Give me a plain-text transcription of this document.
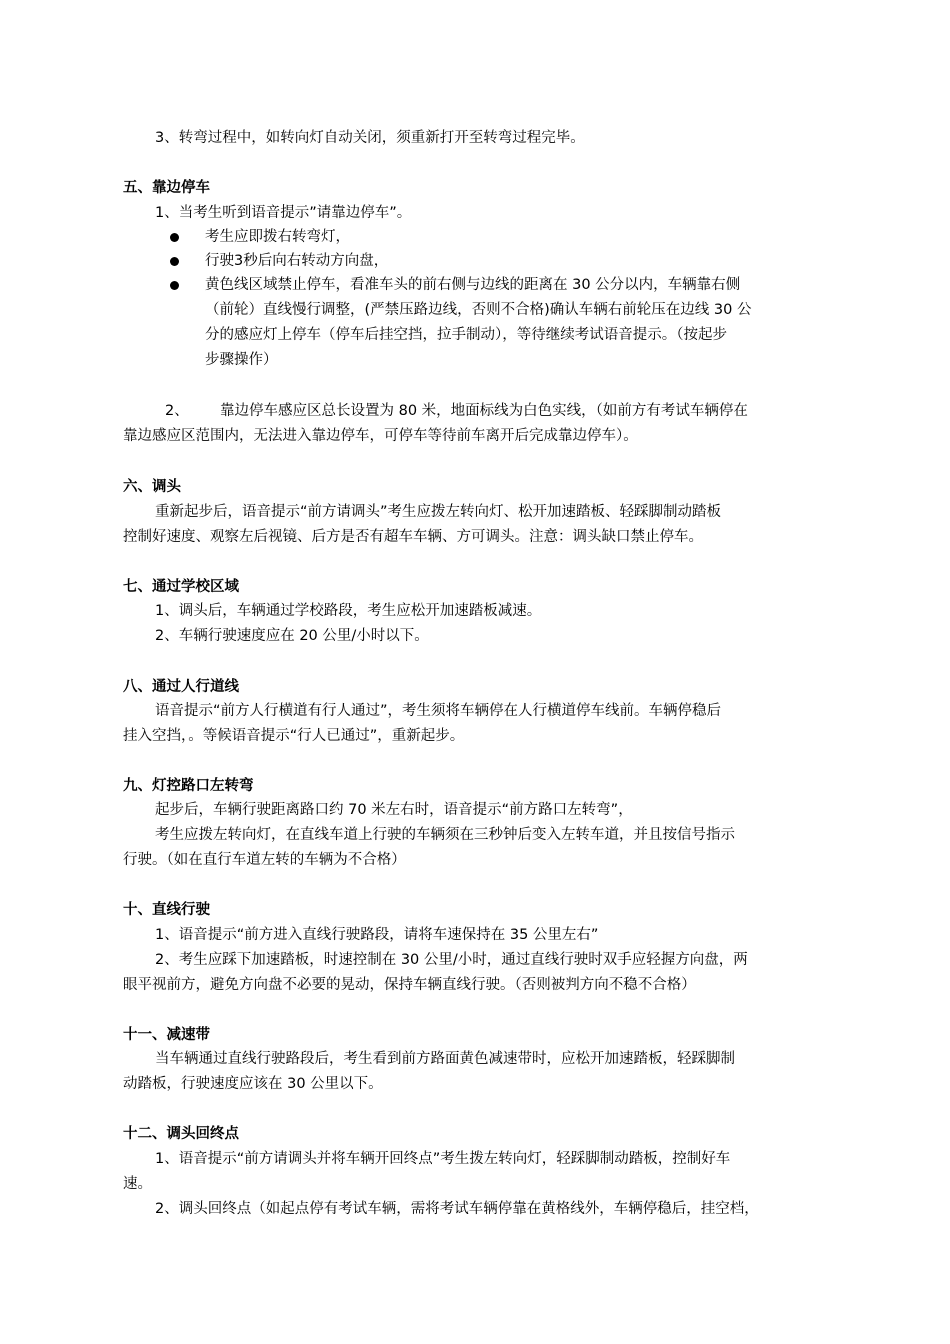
3、转弯过程中，如转向灯自动关闭，须重新打开至转弯过程完毕。
五、靠边停车
1、当考生听到语音提示”请靠边停车”。
考生应即拨右转弯灯，
行驶3秒后向右转动方向盘，
黄色线区域禁止停车，看准车头的前右侧与边线的距离在 30 公分以内，车辆靠右侧
（前轮）直线慢行调整，(严禁压路边线，否则不合格)确认车辆右前轮压在边线 30 公
分的感应灯上停车（停车后挂空挡，拉手制动），等待继续考试语音提示。（按起步
步骤操作）
2、	靠边停车感应区总长设置为 80 米，地面标线为白色实线，（如前方有考试车辆停在
靠边感应区范围内，无法进入靠边停车，可停车等待前车离开后完成靠边停车）。
六、调头
重新起步后，语音提示“前方请调头”考生应拨左转向灯、松开加速踏板、轻踩脚制动踏板
控制好速度、观察左后视镜、后方是否有超车车辆、方可调头。注意：调头缺口禁止停车。
七、通过学校区域
1、调头后，车辆通过学校路段，考生应松开加速踏板减速。
2、车辆行驶速度应在 20 公里/小时以下。
八、通过人行道线
语音提示“前方人行横道有行人通过”，考生须将车辆停在人行横道停车线前。车辆停稳后
挂入空挡，。等候语音提示“行人已通过”，重新起步。
九、灯控路口左转弯
起步后，车辆行驶距离路口约 70 米左右时，语音提示“前方路口左转弯”，
考生应拨左转向灯，在直线车道上行驶的车辆须在三秒钟后变入左转车道，并且按信号指示
行驶。（如在直行车道左转的车辆为不合格）
十、直线行驶
1、语音提示“前方进入直线行驶路段，请将车速保持在 35 公里左右”
2、考生应踩下加速踏板，时速控制在 30 公里/小时，通过直线行驶时双手应轻握方向盘，两
眼平视前方，避免方向盘不必要的晃动，保持车辆直线行驶。（否则被判方向不稳不合格）
十一、减速带
当车辆通过直线行驶路段后，考生看到前方路面黄色减速带时，应松开加速踏板，轻踩脚制
动踏板，行驶速度应该在 30 公里以下。
十二、调头回终点
1、语音提示“前方请调头并将车辆开回终点”考生拨左转向灯，轻踩脚制动踏板，控制好车
速。
2、调头回终点（如起点停有考试车辆，需将考试车辆停靠在黄格线外，车辆停稳后，挂空档，
